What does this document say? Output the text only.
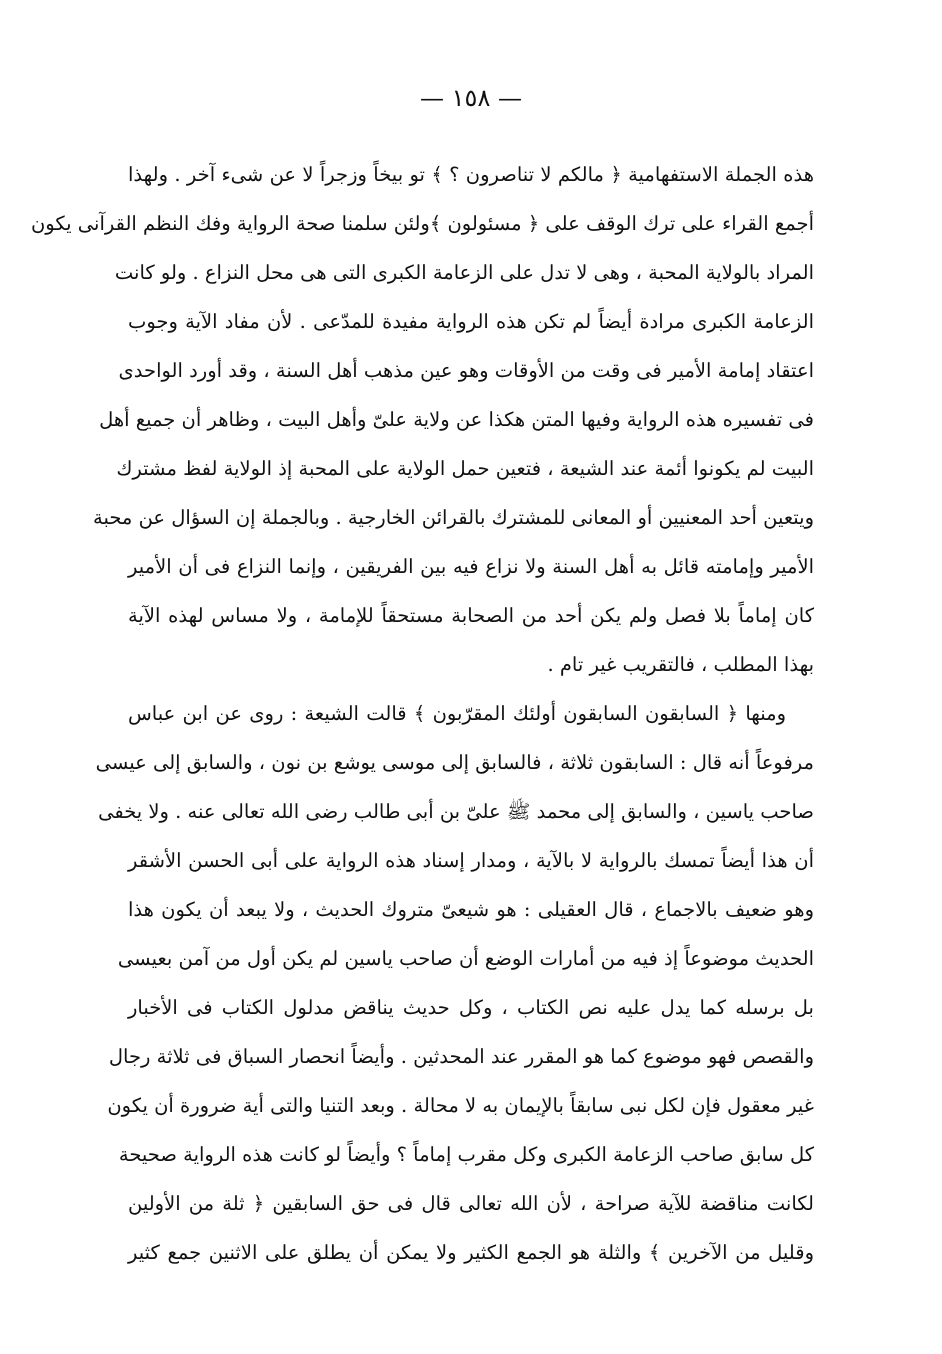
— ١٥٨ —
هذه الجملة الاستفهامية ﴿ مالكم لا تناصرون ؟ ﴾ تو بيخاً وزجراً لا عن شىء آخر . ولهذا
أجمع القراء على ترك الوقف على ﴿ مسئولون ﴾ولئن سلمنا صحة الرواية وفك النظم القرآنى يكون
المراد بالولاية المحبة ، وهى لا تدل على الزعامة الكبرى التى هى محل النزاع . ولو كانت
الزعامة الكبرى مرادة أيضاً لم تكن هذه الرواية مفيدة للمدّعى . لأن مفاد الآية وجوب
اعتقاد إمامة الأمير فى وقت من الأوقات وهو عين مذهب أهل السنة ، وقد أورد الواحدى
فى تفسيره هذه الرواية وفيها المتن هكذا عن ولاية علىّ وأهل البيت ، وظاهر أن جميع أهل
البيت لم يكونوا أئمة عند الشيعة ، فتعين حمل الولاية على المحبة إذ الولاية لفظ مشترك
ويتعين أحد المعنيين أو المعانى للمشترك بالقرائن الخارجية . وبالجملة إن السؤال عن محبة
الأمير وإمامته قائل به أهل السنة ولا نزاع فيه بين الفريقين ، وإنما النزاع فى أن الأمير
كان إماماً بلا فصل ولم يكن أحد من الصحابة مستحقاً للإمامة ، ولا مساس لهذه الآية
بهذا المطلب ، فالتقريب غير تام .
ومنها ﴿ السابقون السابقون أولئك المقرّبون ﴾ قالت الشيعة : روى عن ابن عباس
مرفوعاً أنه قال : السابقون ثلاثة ، فالسابق إلى موسى يوشع بن نون ، والسابق إلى عيسى
صاحب ياسين ، والسابق إلى محمد ﷺ علىّ بن أبى طالب رضى الله تعالى عنه . ولا يخفى
أن هذا أيضاً تمسك بالرواية لا بالآية ، ومدار إسناد هذه الرواية على أبى الحسن الأشقر
وهو ضعيف بالاجماع ، قال العقيلى : هو شيعىّ متروك الحديث ، ولا يبعد أن يكون هذا
الحديث موضوعاً إذ فيه من أمارات الوضع أن صاحب ياسين لم يكن أول من آمن بعيسى
بل برسله كما يدل عليه نص الكتاب ، وكل حديث يناقض مدلول الكتاب فى الأخبار
والقصص فهو موضوع كما هو المقرر عند المحدثين . وأيضاً انحصار السباق فى ثلاثة رجال
غير معقول فإن لكل نبى سابقاً بالإيمان به لا محالة . وبعد التنيا والتى أية ضرورة أن يكون
كل سابق صاحب الزعامة الكبرى وكل مقرب إماماً ؟ وأيضاً لو كانت هذه الرواية صحيحة
لكانت مناقضة للآية صراحة ، لأن الله تعالى قال فى حق السابقين ﴿ ثلة من الأولين
وقليل من الآخرين ﴾ والثلة هو الجمع الكثير ولا يمكن أن يطلق على الاثنين جمع كثير
